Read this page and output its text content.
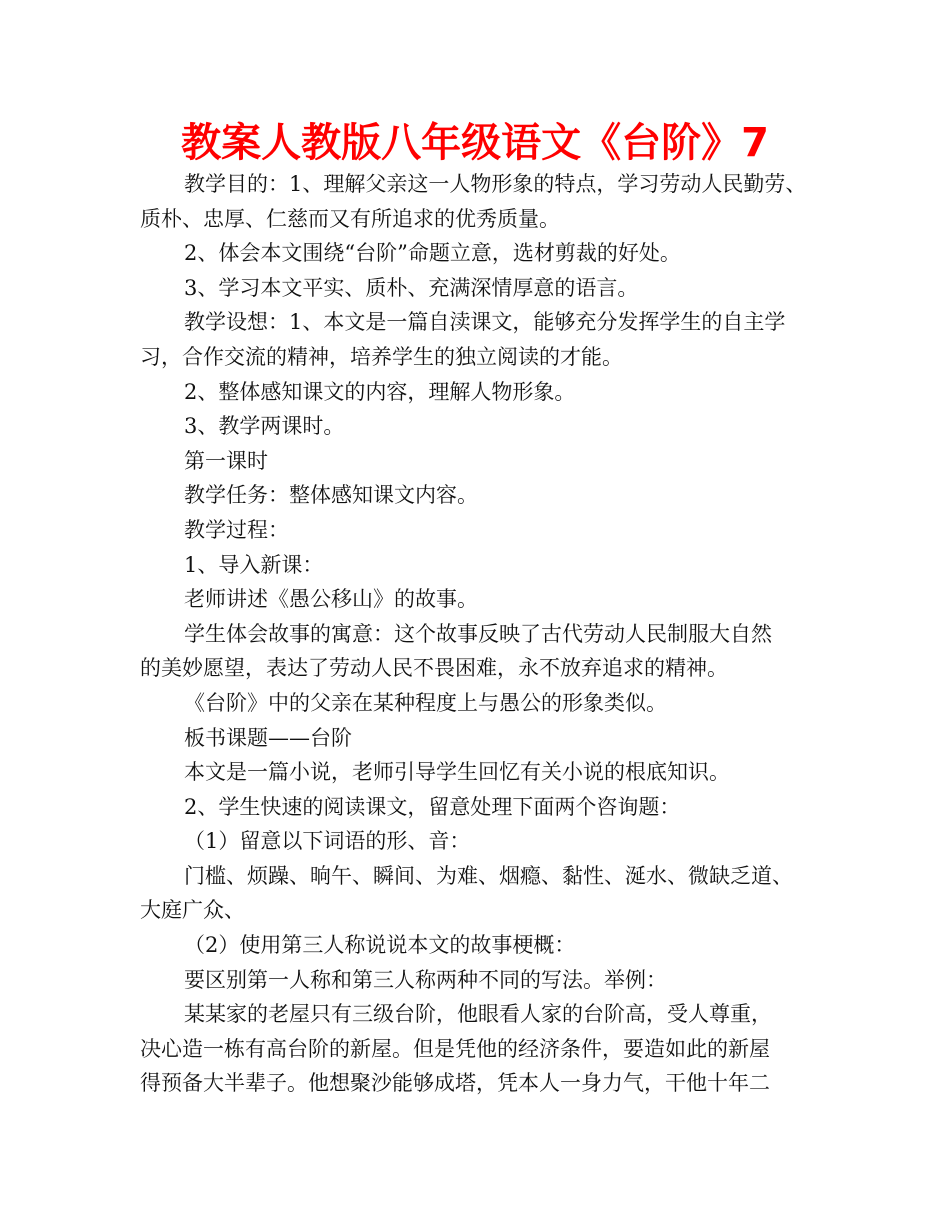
教案人教版八年级语文《台阶》7
教学目的：1、理解父亲这一人物形象的特点，学习劳动人民勤劳、
质朴、忠厚、仁慈而又有所追求的优秀质量。
2、体会本文围绕“台阶”命题立意，选材剪裁的好处。
3、学习本文平实、质朴、充满深情厚意的语言。
教学设想：1、本文是一篇自渎课文，能够充分发挥学生的自主学
习，合作交流的精神，培养学生的独立阅读的才能。
2、整体感知课文的内容，理解人物形象。
3、教学两课时。
第一课时
教学任务：整体感知课文内容。
教学过程：
1、导入新课：
老师讲述《愚公移山》的故事。
学生体会故事的寓意：这个故事反映了古代劳动人民制服大自然
的美妙愿望，表达了劳动人民不畏困难，永不放弃追求的精神。
《台阶》中的父亲在某种程度上与愚公的形象类似。
板书课题——台阶
本文是一篇小说，老师引导学生回忆有关小说的根底知识。
2、学生快速的阅读课文，留意处理下面两个咨询题：
（1）留意以下词语的形、音：
门槛、烦躁、晌午、瞬间、为难、烟瘾、黏性、涎水、微缺乏道、
大庭广众、
（2）使用第三人称说说本文的故事梗概：
要区别第一人称和第三人称两种不同的写法。举例：
某某家的老屋只有三级台阶，他眼看人家的台阶高，受人尊重，
决心造一栋有高台阶的新屋。但是凭他的经济条件，要造如此的新屋
得预备大半辈子。他想聚沙能够成塔，凭本人一身力气，干他十年二
